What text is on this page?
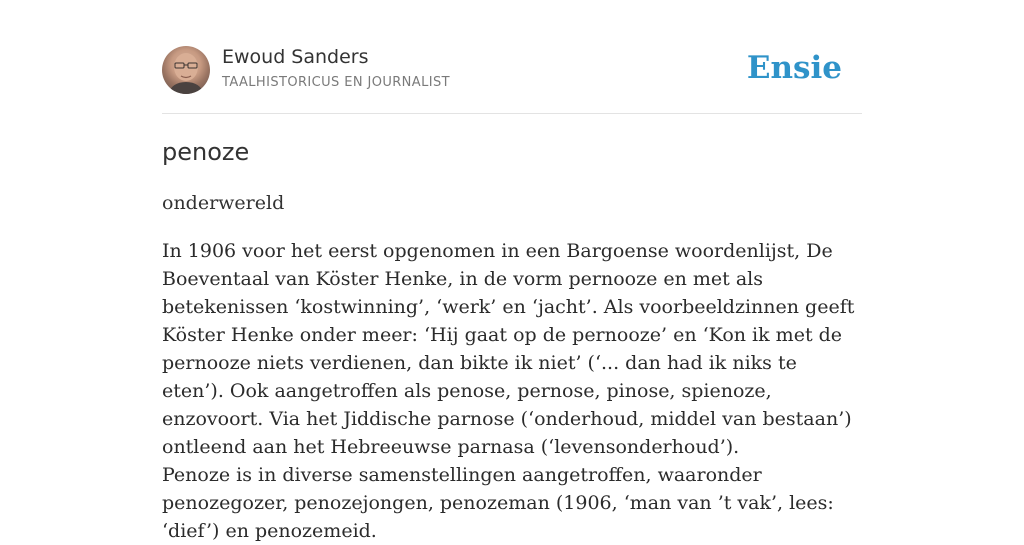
Ewoud Sanders
TAALHISTORICUS EN JOURNALIST	Ensie
penoze
onderwereld

In 1906 voor het eerst opgenomen in een Bargoense woordenlijst, De Boeventaal van Köster Henke, in de vorm pernooze en met als betekenissen ‘kostwinning’, ‘werk’ en ‘jacht’. Als voorbeeldzinnen geeft Köster Henke onder meer: ‘Hij gaat op de pernooze’ en ‘Kon ik met de pernooze niets verdienen, dan bikte ik niet’ (‘... dan had ik niks te eten’). Ook aangetroffen als penose, pernose, pinose, spienoze, enzovoort. Via het Jiddische parnose (‘onderhoud, middel van bestaan’) ontleend aan het Hebreeuwse parnasa (‘levensonderhoud’).

Penoze is in diverse samenstellingen aangetroffen, waaronder penozegozer, penozejongen, penozeman (1906, ‘man van ’t vak’, lees: ‘dief’) en penozemeid.
